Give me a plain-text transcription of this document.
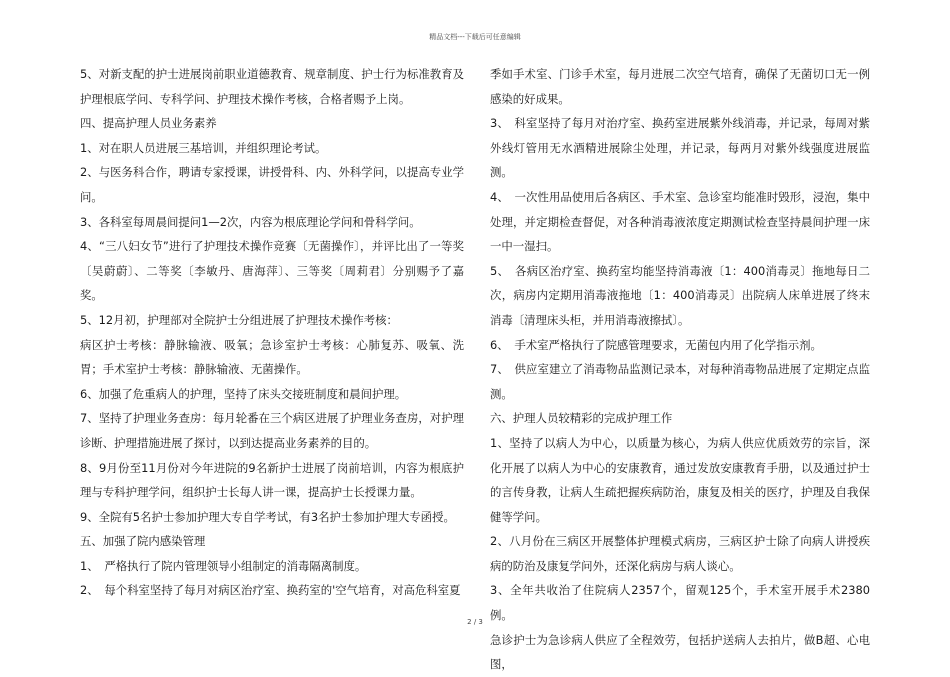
精品文档---下载后可任意编辑

5、对新支配的护士进展岗前职业道德教育、规章制度、护士行为标准教育及护理根底学问、专科学问、护理技术操作考核，合格者赐予上岗。

四、提高护理人员业务素养

1、对在职人员进展三基培训，并组织理论考试。

2、与医务科合作，聘请专家授课，讲授骨科、内、外科学问，以提高专业学问。

3、各科室每周晨间提问1—2次，内容为根底理论学问和骨科学问。

4、“三八妇女节”进行了护理技术操作竞赛〔无菌操作〕，并评比出了一等奖〔吴蔚蔚〕、二等奖〔李敏丹、唐海萍〕、三等奖〔周莉君〕分别赐予了嘉奖。

5、12月初，护理部对全院护士分组进展了护理技术操作考核：

病区护士考核：静脉输液、吸氧；急诊室护士考核：心肺复苏、吸氧、洗胃；手术室护士考核：静脉输液、无菌操作。

6、加强了危重病人的护理，坚持了床头交接班制度和晨间护理。

7、坚持了护理业务查房：每月轮番在三个病区进展了护理业务查房，对护理诊断、护理措施进展了探讨，以到达提高业务素养的目的。

8、9月份至11月份对今年进院的9名新护士进展了岗前培训，内容为根底护理与专科护理学问，组织护士长每人讲一课，提高护士长授课力量。

9、全院有5名护士参加护理大专自学考试，有3名护士参加护理大专函授。

五、加强了院内感染管理

1、　严格执行了院内管理领导小组制定的消毒隔离制度。

2、　每个科室坚持了每月对病区治疗室、换药室的'空气培育，对高危科室夏

季如手术室、门诊手术室，每月进展二次空气培育，确保了无菌切口无一例感染的好成果。

3、　科室坚持了每月对治疗室、换药室进展紫外线消毒，并记录，每周对紫外线灯管用无水酒精进展除尘处理，并记录，每两月对紫外线强度进展监测。

4、　一次性用品使用后各病区、手术室、急诊室均能准时毁形，浸泡，集中处理，并定期检查督促，对各种消毒液浓度定期测试检查坚持晨间护理一床一中一湿扫。

5、　各病区治疗室、换药室均能坚持消毒液〔1：400消毒灵〕拖地每日二次，病房内定期用消毒液拖地〔1：400消毒灵〕出院病人床单进展了终末消毒〔清理床头柜，并用消毒液擦拭〕。

6、　手术室严格执行了院感管理要求，无菌包内用了化学指示剂。

7、　供应室建立了消毒物品监测记录本，对每种消毒物品进展了定期定点监测。

六、护理人员较精彩的完成护理工作

1、坚持了以病人为中心，以质量为核心，为病人供应优质效劳的宗旨，深化开展了以病人为中心的安康教育，通过发放安康教育手册，以及通过护士的言传身教，让病人生疏把握疾病防治，康复及相关的医疗，护理及自我保健等学问。

2、八月份在三病区开展整体护理模式病房，三病区护士除了向病人讲授疾病的防治及康复学问外，还深化病房与病人谈心。

3、全年共收治了住院病人2357个，留观125个，手术室开展手术2380例。

急诊护士为急诊病人供应了全程效劳，包括护送病人去拍片，做B超、心电图，

2 / 3
